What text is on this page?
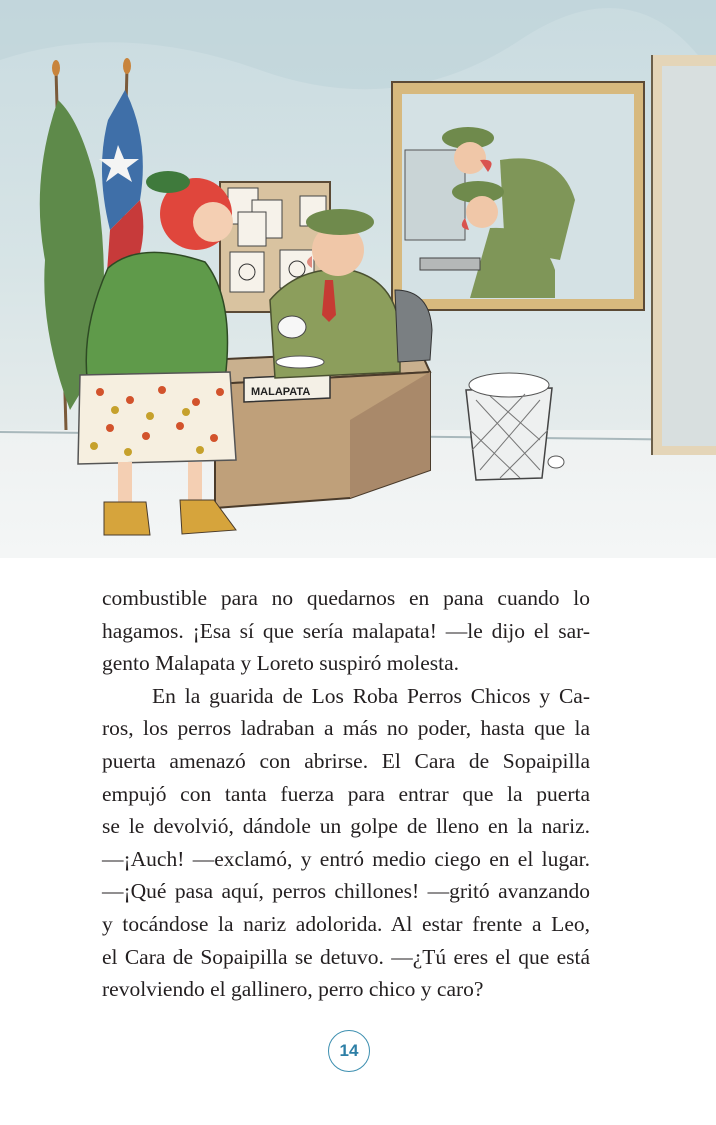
MALAPATA

combustible para no quedarnos en pana cuando lo

hagamos. ¡Esa sí que sería malapata! —le dijo el sar-

gento Malapata y Loreto suspiró molesta.

En la guarida de Los Roba Perros Chicos y Ca-

ros, los perros ladraban a más no poder, hasta que la

puerta amenazó con abrirse. El Cara de Sopaipilla

empujó con tanta fuerza para entrar que la puerta

se le devolvió, dándole un golpe de lleno en la nariz.

—¡Auch! —exclamó, y entró medio ciego en el lugar.

—¡Qué pasa aquí, perros chillones! —gritó avanzando

y tocándose la nariz adolorida. Al estar frente a Leo,

el Cara de Sopaipilla se detuvo. —¿Tú eres el que está

revolviendo el gallinero, perro chico y caro?

14
